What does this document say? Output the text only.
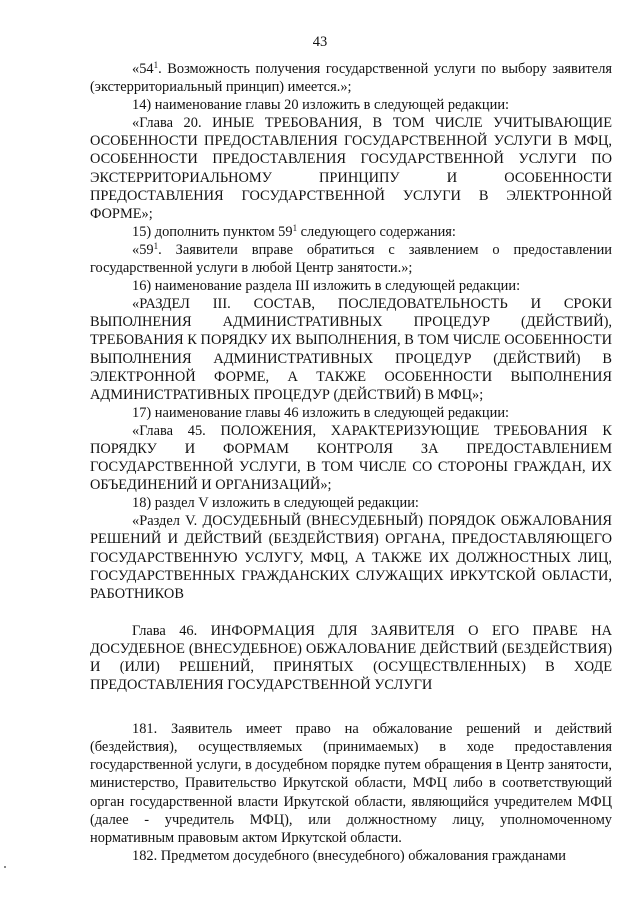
43

«$54^1$. Возможность получения государственной услуги по выбору заявителя (экстерриториальный принцип) имеется.»;

14) наименование главы 20 изложить в следующей редакции:

«Глава 20. ИНЫЕ ТРЕБОВАНИЯ, В ТОМ ЧИСЛЕ УЧИТЫВАЮЩИЕ ОСОБЕННОСТИ ПРЕДОСТАВЛЕНИЯ ГОСУДАРСТВЕННОЙ УСЛУГИ В МФЦ, ОСОБЕННОСТИ ПРЕДОСТАВЛЕНИЯ ГОСУДАРСТВЕННОЙ УСЛУГИ ПО ЭКСТЕРРИТОРИАЛЬНОМУ ПРИНЦИПУ И ОСОБЕННОСТИ ПРЕДОСТАВЛЕНИЯ ГОСУДАРСТВЕННОЙ УСЛУГИ В ЭЛЕКТРОННОЙ ФОРМЕ»;

15) дополнить пунктом $59^1$ следующего содержания:

«$59^1$. Заявители вправе обратиться с заявлением о предоставлении государственной услуги в любой Центр занятости.»;

16) наименование раздела III изложить в следующей редакции:

«РАЗДЕЛ III. СОСТАВ, ПОСЛЕДОВАТЕЛЬНОСТЬ И СРОКИ ВЫПОЛНЕНИЯ АДМИНИСТРАТИВНЫХ ПРОЦЕДУР (ДЕЙСТВИЙ), ТРЕБОВАНИЯ К ПОРЯДКУ ИХ ВЫПОЛНЕНИЯ, В ТОМ ЧИСЛЕ ОСОБЕННОСТИ ВЫПОЛНЕНИЯ АДМИНИСТРАТИВНЫХ ПРОЦЕДУР (ДЕЙСТВИЙ) В ЭЛЕКТРОННОЙ ФОРМЕ, А ТАКЖЕ ОСОБЕННОСТИ ВЫПОЛНЕНИЯ АДМИНИСТРАТИВНЫХ ПРОЦЕДУР (ДЕЙСТВИЙ) В МФЦ»;

17) наименование главы 46 изложить в следующей редакции:

«Глава 45. ПОЛОЖЕНИЯ, ХАРАКТЕРИЗУЮЩИЕ ТРЕБОВАНИЯ К ПОРЯДКУ И ФОРМАМ КОНТРОЛЯ ЗА ПРЕДОСТАВЛЕНИЕМ ГОСУДАРСТВЕННОЙ УСЛУГИ, В ТОМ ЧИСЛЕ СО СТОРОНЫ ГРАЖДАН, ИХ ОБЪЕДИНЕНИЙ И ОРГАНИЗАЦИЙ»;

18) раздел V изложить в следующей редакции:

«Раздел V. ДОСУДЕБНЫЙ (ВНЕСУДЕБНЫЙ) ПОРЯДОК ОБЖАЛОВАНИЯ РЕШЕНИЙ И ДЕЙСТВИЙ (БЕЗДЕЙСТВИЯ) ОРГАНА, ПРЕДОСТАВЛЯЮЩЕГО ГОСУДАРСТВЕННУЮ УСЛУГУ, МФЦ, А ТАКЖЕ ИХ ДОЛЖНОСТНЫХ ЛИЦ, ГОСУДАРСТВЕННЫХ ГРАЖДАНСКИХ СЛУЖАЩИХ ИРКУТСКОЙ ОБЛАСТИ, РАБОТНИКОВ

Глава 46. ИНФОРМАЦИЯ ДЛЯ ЗАЯВИТЕЛЯ О ЕГО ПРАВЕ НА ДОСУДЕБНОЕ (ВНЕСУДЕБНОЕ) ОБЖАЛОВАНИЕ ДЕЙСТВИЙ (БЕЗДЕЙСТВИЯ) И (ИЛИ) РЕШЕНИЙ, ПРИНЯТЫХ (ОСУЩЕСТВЛЕННЫХ) В ХОДЕ ПРЕДОСТАВЛЕНИЯ ГОСУДАРСТВЕННОЙ УСЛУГИ

181. Заявитель имеет право на обжалование решений и действий (бездействия), осуществляемых (принимаемых) в ходе предоставления государственной услуги, в досудебном порядке путем обращения в Центр занятости, министерство, Правительство Иркутской области, МФЦ либо в соответствующий орган государственной власти Иркутской области, являющийся учредителем МФЦ (далее - учредитель МФЦ), или должностному лицу, уполномоченному нормативным правовым актом Иркутской области.

182. Предметом досудебного (внесудебного) обжалования гражданами
